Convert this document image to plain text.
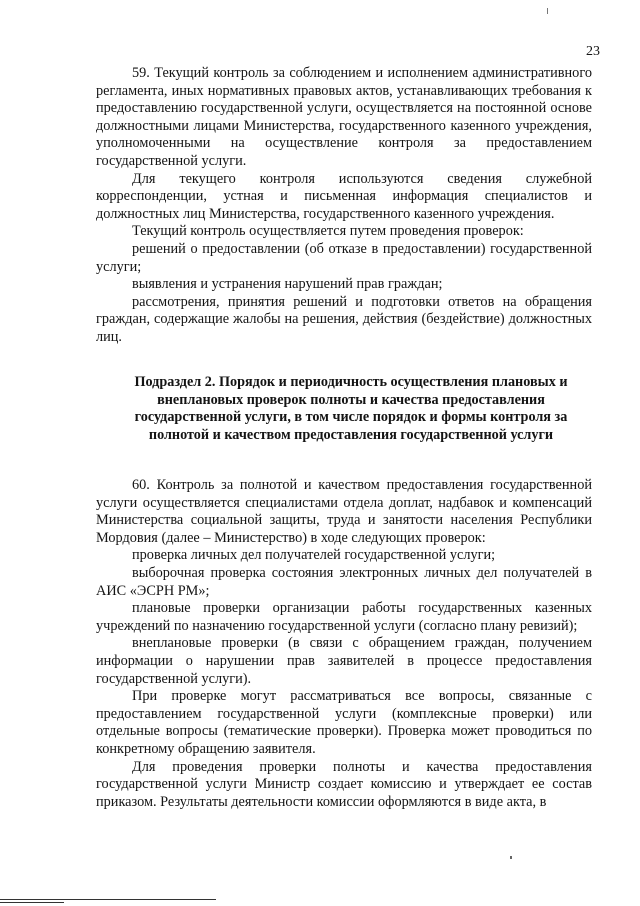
23

59. Текущий контроль за соблюдением и исполнением административного регламента, иных нормативных правовых актов, устанавливающих требования к предоставлению государственной услуги, осуществляется на постоянной основе должностными лицами Министерства, государственного казенного учреждения, уполномоченными на осуществление контроля за предоставлением государственной услуги.

Для текущего контроля используются сведения служебной корреспонденции, устная и письменная информация специалистов и должностных лиц Министерства, государственного казенного учреждения.

Текущий контроль осуществляется путем проведения проверок:

решений о предоставлении (об отказе в предоставлении) государственной услуги;

выявления и устранения нарушений прав граждан;

рассмотрения, принятия решений и подготовки ответов на обращения граждан, содержащие жалобы на решения, действия (бездействие) должностных лиц.

Подраздел 2. Порядок и периодичность осуществления плановых и внеплановых проверок полноты и качества предоставления государственной услуги, в том числе порядок и формы контроля за полнотой и качеством предоставления государственной услуги

60. Контроль за полнотой и качеством предоставления государственной услуги осуществляется специалистами отдела доплат, надбавок и компенсаций Министерства социальной защиты, труда и занятости населения Республики Мордовия (далее – Министерство) в ходе следующих проверок:

проверка личных дел получателей государственной услуги;

выборочная проверка состояния электронных личных дел получателей в АИС «ЭСРН РМ»;

плановые проверки организации работы государственных казенных учреждений по назначению государственной услуги (согласно плану ревизий);

внеплановые проверки (в связи с обращением граждан, получением информации о нарушении прав заявителей в процессе предоставления государственной услуги).

При проверке могут рассматриваться все вопросы, связанные с предоставлением государственной услуги (комплексные проверки) или отдельные вопросы (тематические проверки). Проверка может проводиться по конкретному обращению заявителя.

Для проведения проверки полноты и качества предоставления государственной услуги Министр создает комиссию и утверждает ее состав приказом. Результаты деятельности комиссии оформляются в виде акта, в
